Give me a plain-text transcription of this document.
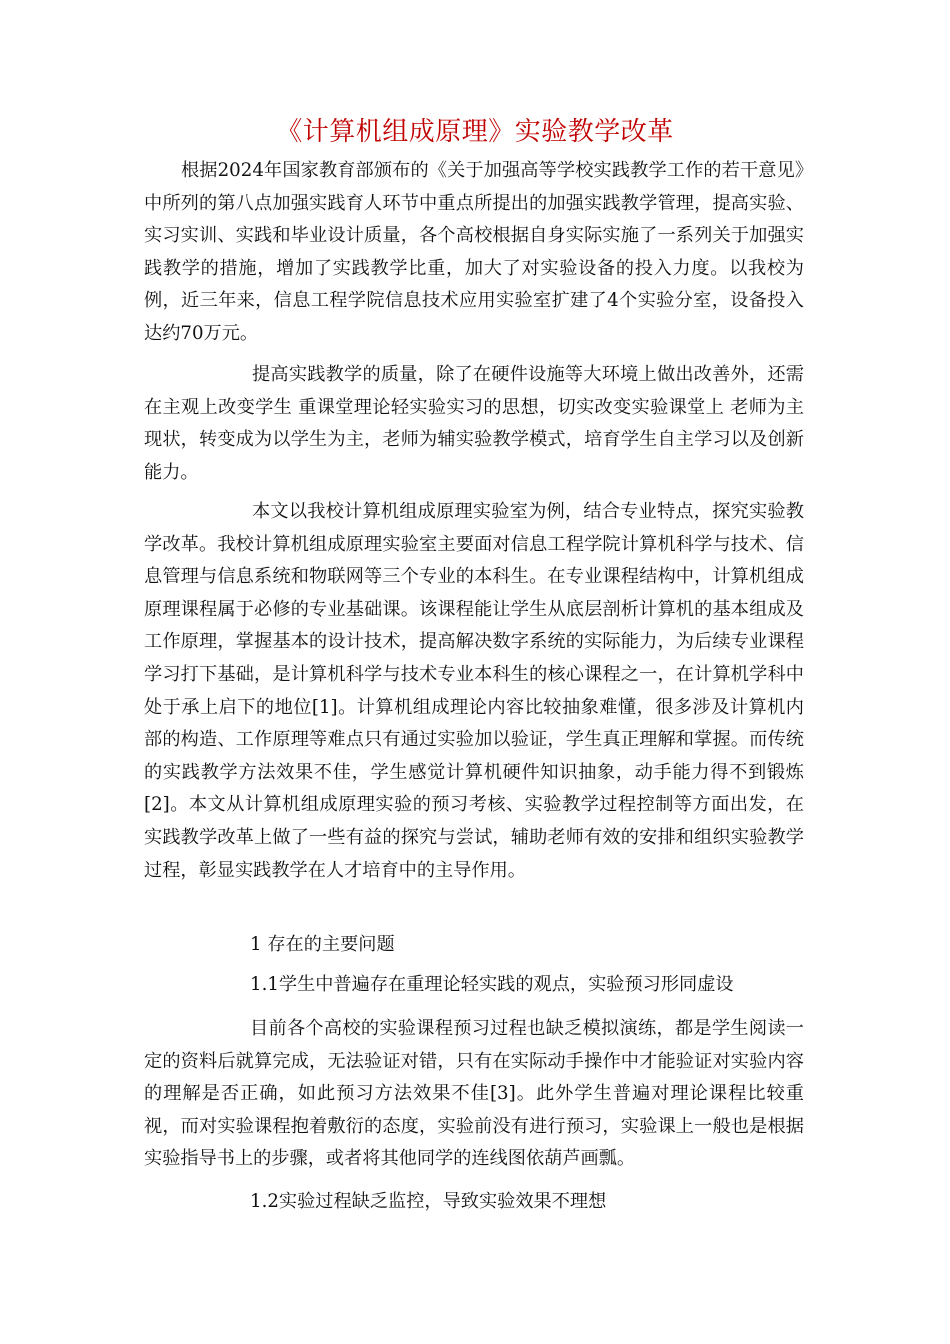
《计算机组成原理》实验教学改革
根据2024年国家教育部颁布的《关于加强高等学校实践教学工作的若干意见》中所列的第八点加强实践育人环节中重点所提出的加强实践教学管理，提高实验、实习实训、实践和毕业设计质量，各个高校根据自身实际实施了一系列关于加强实践教学的措施，增加了实践教学比重，加大了对实验设备的投入力度。以我校为例，近三年来，信息工程学院信息技术应用实验室扩建了4个实验分室，设备投入达约70万元。
提高实践教学的质量，除了在硬件设施等大环境上做出改善外，还需在主观上改变学生 重课堂理论轻实验实习的思想，切实改变实验课堂上 老师为主现状，转变成为以学生为主，老师为辅实验教学模式，培育学生自主学习以及创新能力。
本文以我校计算机组成原理实验室为例，结合专业特点，探究实验教学改革。我校计算机组成原理实验室主要面对信息工程学院计算机科学与技术、信息管理与信息系统和物联网等三个专业的本科生。在专业课程结构中，计算机组成原理课程属于必修的专业基础课。该课程能让学生从底层剖析计算机的基本组成及工作原理，掌握基本的设计技术，提高解决数字系统的实际能力，为后续专业课程学习打下基础，是计算机科学与技术专业本科生的核心课程之一，在计算机学科中处于承上启下的地位[1]。计算机组成理论内容比较抽象难懂，很多涉及计算机内部的构造、工作原理等难点只有通过实验加以验证，学生真正理解和掌握。而传统的实践教学方法效果不佳，学生感觉计算机硬件知识抽象，动手能力得不到锻炼[2]。本文从计算机组成原理实验的预习考核、实验教学过程控制等方面出发，在实践教学改革上做了一些有益的探究与尝试，辅助老师有效的安排和组织实验教学过程，彰显实践教学在人才培育中的主导作用。
1 存在的主要问题
1.1学生中普遍存在重理论轻实践的观点，实验预习形同虚设
目前各个高校的实验课程预习过程也缺乏模拟演练，都是学生阅读一定的资料后就算完成，无法验证对错，只有在实际动手操作中才能验证对实验内容的理解是否正确，如此预习方法效果不佳[3]。此外学生普遍对理论课程比较重视，而对实验课程抱着敷衍的态度，实验前没有进行预习，实验课上一般也是根据实验指导书上的步骤，或者将其他同学的连线图依葫芦画瓢。
1.2实验过程缺乏监控，导致实验效果不理想
